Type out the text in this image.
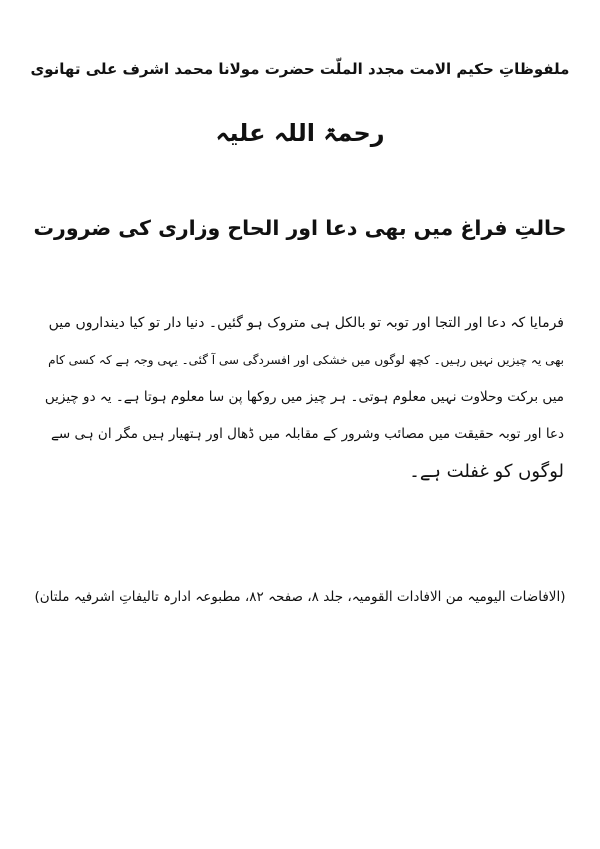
ملفوظاتِ حکیم الامت مجدد الملّت حضرت مولانا محمد اشرف علی تھانوی
رحمۃ اللہ علیہ
حالتِ فراغ میں بھی دعا اور الحاح وزاری کی ضرورت
فرمایا کہ دعا اور التجا اور توبہ تو بالکل ہی متروک ہو گئیں۔ دنیا دار تو کیا دینداروں میں
بھی یہ چیزیں نہیں رہیں۔ کچھ لوگوں میں خشکی اور افسردگی سی آ گئی۔ یہی وجہ ہے کہ کسی کام
میں برکت وحلاوت نہیں معلوم ہوتی۔ ہر چیز میں روکھا پن سا معلوم ہوتا ہے۔ یہ دو چیزیں
دعا اور توبہ حقیقت میں مصائب وشرور کے مقابلہ میں ڈھال اور ہتھیار ہیں مگر ان ہی سے
لوگوں کو غفلت ہے۔
(الافاضات الیومیہ من الافادات القومیہ، جلد ۸، صفحہ ۸۲، مطبوعہ ادارہ تالیفاتِ اشرفیہ ملتان)
